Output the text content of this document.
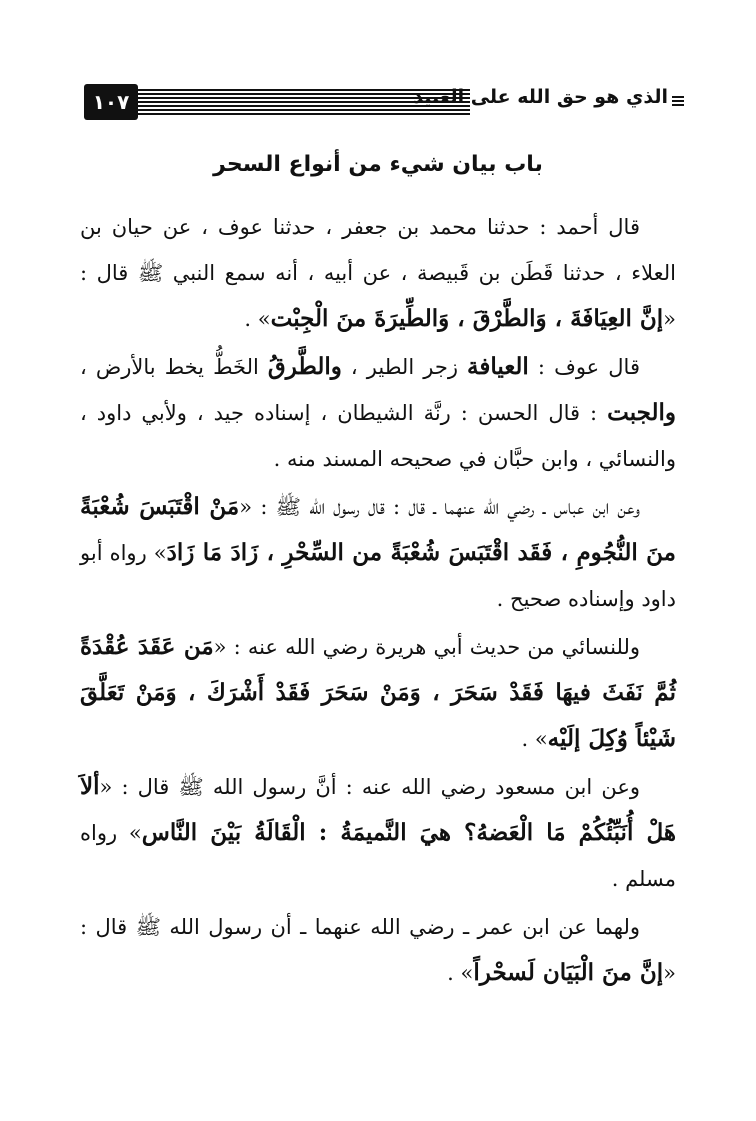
١٠٧	الذي هو حق الله على العبيد
باب بيان شيء من أنواع السحر

قال أحمد : حدثنا محمد بن جعفر ، حدثنا عوف ، عن حيان بن العلاء ، حدثنا قَطَن بن قَبيصة ، عن أبيه ، أنه سمع النبي ﷺ قال : «إنَّ العِيَافَةَ ، وَالطَّرْقَ ، وَالطِّيرَةَ منَ الْجِبْت» .

قال عوف : العيافة زجر الطير ، والطَّرقُ الخَطُّ يخط بالأرض ، والجبت : قال الحسن : رنَّة الشيطان ، إسناده جيد ، ولأبي داود ، والنسائي ، وابن حبَّان في صحيحه المسند منه .

وعن ابن عباس ـ رضي الله عنهما ـ قال : قال رسول الله ﷺ : «مَنْ اقْتَبَسَ شُعْبَةً منَ النُّجُومِ ، فَقَد اقْتَبَسَ شُعْبَةً من السِّحْرِ ، زَادَ مَا زَادَ» رواه أبو داود وإسناده صحيح .

وللنسائي من حديث أبي هريرة رضي الله عنه : «مَن عَقَدَ عُقْدَةً ثُمَّ نَفَثَ فيهَا فَقَدْ سَحَرَ ، وَمَنْ سَحَرَ فَقَدْ أَشْرَكَ ، وَمَنْ تَعَلَّقَ شَيْئاً وُكِلَ إلَيْه» .

وعن ابن مسعود رضي الله عنه : أنَّ رسول الله ﷺ قال : «ألاَ هَلْ أُنَبِّئُكُمْ مَا الْعَضهُ؟ هيَ النَّميمَةُ : الْقَالَةُ بَيْنَ النَّاس» رواه مسلم .

ولهما عن ابن عمر ـ رضي الله عنهما ـ أن رسول الله ﷺ قال : «إنَّ منَ الْبَيَان لَسحْراً» .
